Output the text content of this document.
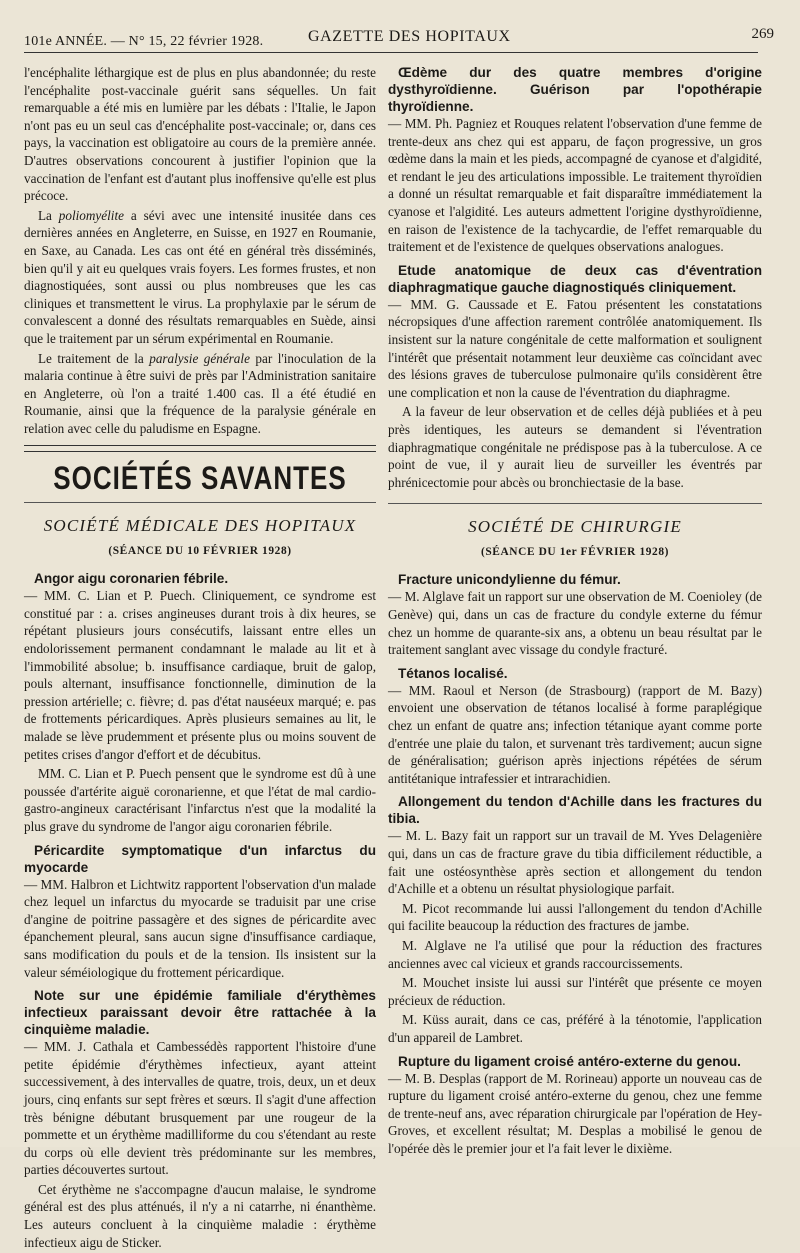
101e ANNÉE. — N° 15, 22 février 1928.	GAZETTE DES HOPITAUX	269

l'encéphalite léthargique est de plus en plus abandonnée; du reste l'encéphalite post-vaccinale guérit sans séquelles. Un fait remarquable a été mis en lumière par les débats : l'Italie, le Japon n'ont pas eu un seul cas d'encéphalite post-vaccinale; or, dans ces pays, la vaccination est obligatoire au cours de la première année. D'autres observations concourent à justifier l'opinion que la vaccination de l'enfant est d'autant plus inoffensive qu'elle est plus précoce.

La poliomyélite a sévi avec une intensité inusitée dans ces dernières années en Angleterre, en Suisse, en 1927 en Roumanie, en Saxe, au Canada. Les cas ont été en général très disséminés, bien qu'il y ait eu quelques vrais foyers. Les formes frustes, et non diagnostiquées, sont aussi ou plus nombreuses que les cas cliniques et transmettent le virus. La prophylaxie par le sérum de convalescent a donné des résultats remarquables en Suède, ainsi que le traitement par un sérum expérimental en Roumanie.

Le traitement de la paralysie générale par l'inoculation de la malaria continue à être suivi de près par l'Administration sanitaire en Angleterre, où l'on a traité 1.400 cas. Il a été étudié en Roumanie, ainsi que la fréquence de la paralysie générale en relation avec celle du paludisme en Espagne.

SOCIÉTÉS SAVANTES
SOCIÉTÉ MÉDICALE DES HOPITAUX
(SÉANCE DU 10 FÉVRIER 1928)
Angor aigu coronarien fébrile.

— MM. C. Lian et P. Puech. Cliniquement, ce syndrome est constitué par : a. crises angineuses durant trois à dix heures, se répétant plusieurs jours consécutifs, laissant entre elles un endolorissement permanent condamnant le malade au lit et à l'immobilité absolue; b. insuffisance cardiaque, bruit de galop, pouls alternant, insuffisance fonctionnelle, diminution de la pression artérielle; c. fièvre; d. pas d'état nauséeux marqué; e. pas de frottements péricardiques. Après plusieurs semaines au lit, le malade se lève prudemment et présente plus ou moins souvent de petites crises d'angor d'effort et de décubitus.

MM. C. Lian et P. Puech pensent que le syndrome est dû à une poussée d'artérite aiguë coronarienne, et que l'état de mal cardio-gastro-angineux caractérisant l'infarctus n'est que la modalité la plus grave du syndrome de l'angor aigu coronarien fébrile.

Péricardite symptomatique d'un infarctus du myocarde

— MM. Halbron et Lichtwitz rapportent l'observation d'un malade chez lequel un infarctus du myocarde se traduisit par une crise d'angine de poitrine passagère et des signes de péricardite avec épanchement pleural, sans aucun signe d'insuffisance cardiaque, sans modification du pouls et de la tension. Ils insistent sur la valeur séméiologique du frottement péricardique.

Note sur une épidémie familiale d'érythèmes infectieux paraissant devoir être rattachée à la cinquième maladie.

— MM. J. Cathala et Cambessédès rapportent l'histoire d'une petite épidémie d'érythèmes infectieux, ayant atteint successivement, à des intervalles de quatre, trois, deux, un et deux jours, cinq enfants sur sept frères et sœurs. Il s'agit d'une affection très bénigne débutant brusquement par une rougeur de la pommette et un érythème madilliforme du cou s'étendant au reste du corps où elle devient très prédominante sur les membres, parties découvertes surtout.

Cet érythème ne s'accompagne d'aucun malaise, le syndrome général est des plus atténués, il n'y a ni catarrhe, ni énanthème. Les auteurs concluent à la cinquième maladie : érythème infectieux aigu de Sticker.

Œdème dur des quatre membres d'origine dysthyroïdienne. Guérison par l'opothérapie thyroïdienne.

— MM. Ph. Pagniez et Rouques relatent l'observation d'une femme de trente-deux ans chez qui est apparu, de façon progressive, un gros œdème dans la main et les pieds, accompagné de cyanose et d'algidité, et rendant le jeu des articulations impossible. Le traitement thyroïdien a donné un résultat remarquable et fait disparaître immédiatement la cyanose et l'algidité. Les auteurs admettent l'origine dysthyroïdienne, en raison de l'existence de la tachycardie, de l'effet remarquable du traitement et de l'existence de quelques observations analogues.

Etude anatomique de deux cas d'éventration diaphragmatique gauche diagnostiqués cliniquement.

— MM. G. Caussade et E. Fatou présentent les constatations nécropsiques d'une affection rarement contrôlée anatomiquement. Ils insistent sur la nature congénitale de cette malformation et soulignent l'intérêt que présentait notamment leur deuxième cas coïncidant avec des lésions graves de tuberculose pulmonaire qu'ils considèrent être une complication et non la cause de l'éventration du diaphragme.

A la faveur de leur observation et de celles déjà publiées et à peu près identiques, les auteurs se demandent si l'éventration diaphragmatique congénitale ne prédispose pas à la tuberculose. A ce point de vue, il y aurait lieu de surveiller les éventrés par phrénicectomie pour abcès ou bronchiectasie de la base.

SOCIÉTÉ DE CHIRURGIE
(SÉANCE DU 1er FÉVRIER 1928)
Fracture unicondylienne du fémur.

— M. Alglave fait un rapport sur une observation de M. Coenioley (de Genève) qui, dans un cas de fracture du condyle externe du fémur chez un homme de quarante-six ans, a obtenu un beau résultat par le traitement sanglant avec vissage du condyle fracturé.

Tétanos localisé.

— MM. Raoul et Nerson (de Strasbourg) (rapport de M. Bazy) envoient une observation de tétanos localisé à forme paraplégique chez un enfant de quatre ans; infection tétanique ayant comme porte d'entrée une plaie du talon, et survenant très tardivement; aucun signe de généralisation; guérison après injections répétées de sérum antitétanique intrafessier et intrarachidien.

Allongement du tendon d'Achille dans les fractures du tibia.

— M. L. Bazy fait un rapport sur un travail de M. Yves Delagenière qui, dans un cas de fracture grave du tibia difficilement réductible, a fait une ostéosynthèse après section et allongement du tendon d'Achille et a obtenu un résultat physiologique parfait.

M. Picot recommande lui aussi l'allongement du tendon d'Achille qui facilite beaucoup la réduction des fractures de jambe.

M. Alglave ne l'a utilisé que pour la réduction des fractures anciennes avec cal vicieux et grands raccourcissements.

M. Mouchet insiste lui aussi sur l'intérêt que présente ce moyen précieux de réduction.

M. Küss aurait, dans ce cas, préféré à la ténotomie, l'application d'un appareil de Lambret.

Rupture du ligament croisé antéro-externe du genou.

— M. B. Desplas (rapport de M. Rorineau) apporte un nouveau cas de rupture du ligament croisé antéro-externe du genou, chez une femme de trente-neuf ans, avec réparation chirurgicale par l'opération de Hey-Groves, et excellent résultat; M. Desplas a mobilisé le genou de l'opérée dès le premier jour et l'a fait lever le dixième.
